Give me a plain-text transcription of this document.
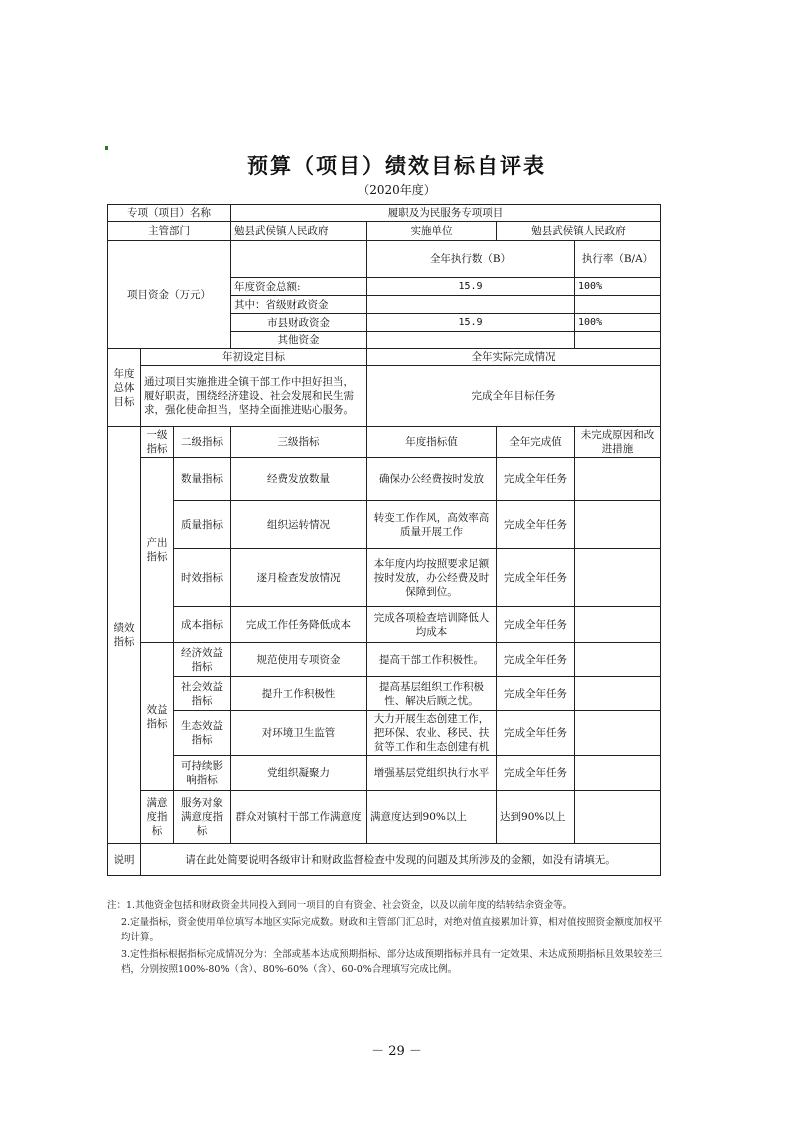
预算（项目）绩效目标自评表
（2020年度）
专项（项目）名称			履职及为民服务专项项目			
主管部门			勉县武侯镇人民政府	实施单位	勉县武侯镇人民政府	
项目资金（万元）				全年执行数（B）		执行率（B/A）
			年度资金总额:	15.9		100%
			其中：省级财政资金			
			市县财政资金	15.9		100%
			其他资金			
年度总体目标	年初设定目标			全年实际完成情况		
	通过项目实施推进全镇干部工作中担好担当，履好职责，围绕经济建设、社会发展和民生需求，强化使命担当，坚持全面推进贴心服务。			完成全年目标任务		
绩效指标	一级指标	二级指标	三级指标	年度指标值	全年完成值	未完成原因和改进措施
	产出指标	数量指标	经费发放数量	确保办公经费按时发放	完成全年任务	
		质量指标	组织运转情况	转变工作作风，高效率高质量开展工作	完成全年任务	
		时效指标	逐月检查发放情况	本年度内均按照要求足额按时发放，办公经费及时保障到位。	完成全年任务	
		成本指标	完成工作任务降低成本	完成各项检查培训降低人均成本	完成全年任务	
	效益指标	经济效益指标	规范使用专项资金	提高干部工作积极性。	完成全年任务	
		社会效益指标	提升工作积极性	提高基层组织工作积极性、解决后顾之忧。	完成全年任务	
		生态效益指标	对环境卫生监管	大力开展生态创建工作，把环保、农业、移民、扶贫等工作和生态创建有机	完成全年任务	
		可持续影响指标	党组织凝聚力	增强基层党组织执行水平	完成全年任务	
	满意度指标	服务对象满意度指标	群众对镇村干部工作满意度	满意度达到90%以上	达到90%以上	
说明	请在此处简要说明各级审计和财政监督检查中发现的问题及其所涉及的金额，如没有请填无。					

注：1.其他资金包括和财政资金共同投入到同一项目的自有资金、社会资金，以及以前年度的结转结余资金等。

2.定量指标，资金使用单位填写本地区实际完成数。财政和主管部门汇总时，对绝对值直接累加计算，相对值按照资金额度加权平均计算。

3.定性指标根据指标完成情况分为：全部或基本达成预期指标、部分达成预期指标并具有一定效果、未达成预期指标且效果较差三档，分别按照100%-80%（含）、80%-60%（含）、60-0%合理填写完成比例。

－ 29 －
